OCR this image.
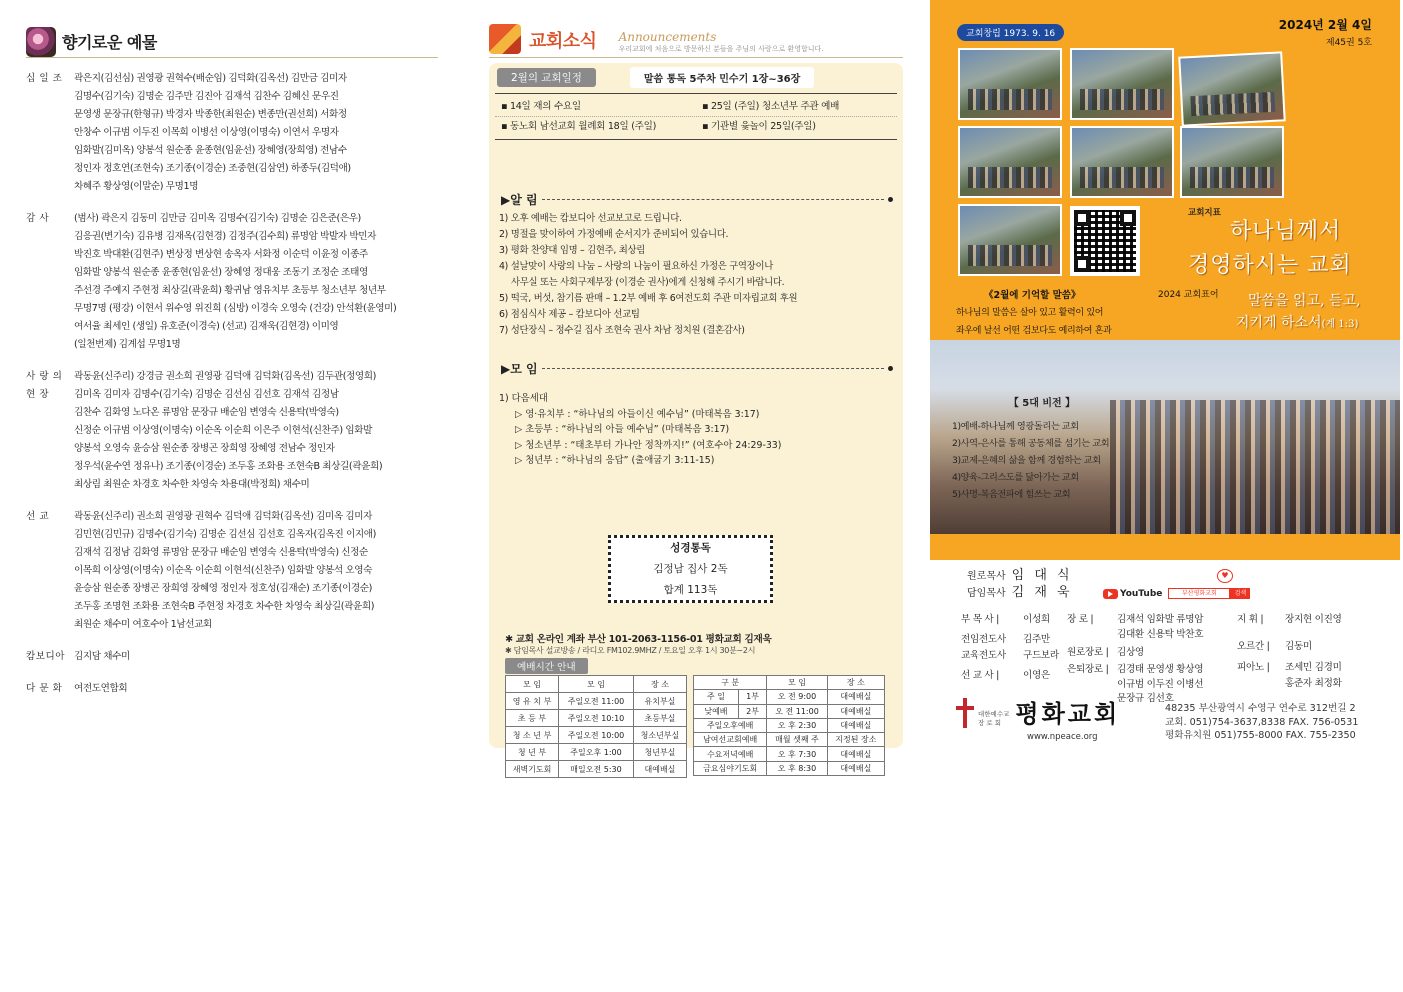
향기로운 예물
십 일 조	곽은지(김선심) 권영광 권혁수(배순임) 김덕화(김옥선) 김만금 김미자
김명수(김기숙) 김명순 김주만 김진아 김재석 김찬수 김혜신 문우진
문영생 문장규(한형규) 박경자 박종한(최원순) 변종만(권선희) 서화정
안창수 이규범 이두진 이목희 이병선 이상영(이명숙) 이연서 우명자
임화발(김미옥) 양봉석 원순종 윤종현(임윤선) 장혜영(장희영) 전남수
정인자 정호연(조현숙) 조기종(이경순) 조중현(김삼연) 하종두(김덕애)
차혜주 황상영(이말순) 무명1명
감 사	(범사) 곽은지 김동미 김만금 김미옥 김명수(김기숙) 김명순 김은준(은우)
김응권(변기숙) 김유병 김재옥(김현경) 김정주(김수희) 류명암 박발자 박민자
박진호 박대환(김현주) 변상정 변상현 송옥자 서화정 이순덕 이윤정 이종주
임화발 양봉석 원순종 윤종현(임윤선) 장혜영 정대웅 조동기 조정순 조태영
주선경 주예지 주현정 최상길(곽윤희) 황귀남 영유치부 초등부 청소년부 청년부
무명7명 (평강) 이현서 위수영 위진희 (심방) 이경숙 오영숙 (건강) 안석환(윤영미)
여서율 최세인 (생일) 유호준(이경숙) (선교) 김재욱(김현경) 이미영
(일천번제) 김계섭 무명1명
사 랑 의
현 장
곽동윤(신주리) 강경금 권소희 권영광 김덕애 김덕화(김옥선) 김두관(정영희)
김미옥 김미자 김명수(김기숙) 김명순 김선심 김선호 김재석 김정남
김찬수 김화영 노다온 류명암 문장규 배순임 변영숙 신용탁(박영숙)
신정순 이규범 이상영(이명숙) 이순옥 이순희 이은주 이현석(신찬주) 임화발
양봉석 오영숙 윤승삼 원순종 장병곤 장희영 장혜영 전남수 정인자
정우석(윤수연 정유나) 조기종(이경순) 조두홍 조화용 조현숙B 최상길(곽윤희)
최상림 최원순 차경호 차수한 차영숙 차용대(박정희) 채수미
선 교	곽동윤(신주리) 권소희 권영광 권혁수 김덕애 김덕화(김옥선) 김미옥 김미자
김민현(김민규) 김명수(김기숙) 김명순 김선심 김선호 김옥자(김옥진 이지애)
김재석 김정남 김화영 류명암 문장규 배순임 변영숙 신용탁(박영숙) 신정순
이목희 이상영(이명숙) 이순옥 이순희 이현석(신찬주) 임화발 양봉석 오영숙
윤승삼 원순종 장병곤 장희영 장혜영 정인자 정호성(김재순) 조기종(이경순)
조두홍 조명현 조화용 조현숙B 주현정 차경호 차수한 차영숙 최상길(곽윤희)
최원순 채수미 여호수아 1남선교회
캄보디아 김지담 채수미
다 문 화	여전도연합회
교회소식 Announcements
우리교회에 처음으로 방문하신 분들을 주님의 사랑으로 환영합니다.
2월의 교회일정	말씀 통독 5주차 민수기 1장~36장
▪ 14일 재의 수요일	▪ 25일 (주일) 청소년부 주관 예배
▪ 동노회 남선교회 월례회 18일 (주일)	▪ 기관별 윷놀이 25일(주일)
▶알 림
1) 오후 예배는 캄보디아 선교보고로 드립니다.
2) 명절을 맞이하여 가정예배 순서지가 준비되어 있습니다.
3) 평화 찬양대 임명 – 김현주, 최상림
4) 설날맞이 사랑의 나눔 – 사랑의 나눔이 필요하신 가정은 구역장이나
사무실 또는 사회구제부장 (이경순 권사)에게 신청해 주시기 바랍니다.
5) 떡국, 버섯, 참기름 판매 – 1.2부 예배 후 6여전도회 주관 미자립교회 후원
6) 점심식사 제공 – 캄보디아 선교팀
7) 성단장식 – 정수길 집사 조현숙 권사 차남 정치원 (결혼감사)
▶모 임
1) 다음세대
▷ 영·유치부 : “하나님의 아들이신 예수님” (마태복음 3:17)
▷ 초등부 : “하나님의 아들 예수님” (마태복음 3:17)
▷ 청소년부 : “태초부터 가나안 정착까지!” (여호수아 24:29-33)
▷ 청년부 : “하나님의 응답” (출애굽기 3:11-15)
성경통독
김정남 집사 2독
합계 113독
✱ 교회 온라인 계좌 부산 101-2063-1156-01 평화교회 김재욱
✱ 담임목사 설교방송 / 라디오 FM102.9MHZ / 토요일 오후 1시 30분~2시
예배시간 안내
모 임	모 임	장 소
영 유 치 부	주일오전 11:00	유치부실
초 등 부	주일오전 10:10	초등부실
청 소 년 부	주일오전 10:00	청소년부실
청 년 부	주일오후 1:00	청년부실
새벽기도회	매일오전 5:30	대예배실
구 분		모 임	장 소
주 일	1부	오 전 9:00	대예배실
낮예배	2부	오 전 11:00	대예배실
주일오후예배		오 후 2:30	대예배실
남여선교회예배		매월 셋째 주	지정된 장소
수요저녁예배		오 후 7:30	대예배실
금요심야기도회		오 후 8:30	대예배실
교회창립 1973. 9. 16
2024년 2월 4일
제45권 5호
교회지표
하나님께서
경영하시는 교회
《2월에 기억할 말씀》	2024 교회표어
하나님의 말씀은 살아 있고 활력이 있어
좌우에 날선 어떤 검보다도 예리하여 혼과
말씀을 읽고, 듣고,
지키게 하소서(계 1:3)
【 5대 비전 】
1)예배-하나님께 영광돌리는 교회
2)사역-은사를 통해 공동체를 섬기는 교회
3)교제-은혜의 삶을 함께 경험하는 교회
4)양육-그리스도를 닮아가는 교회
5)사명-복음전파에 힘쓰는 교회
원로목사 임 대 식
담임목사 김 재 욱
♥
YouTube	부산평화교회	검색
부 목 사 | 이성희
전임전도사 김주만
교육전도사 구드보라
선 교 사 | 이영은
장 로 | 김재석 임화발 류명암
김대환 신용탁 박찬호
원로장로 | 김상영
은퇴장로 | 김경태 문영생 황상영
이규범 이두진 이병선
문장규 김선호
지 휘 | 장지현 이진영
오르간 | 김동미
피아노 | 조세민 김경미
홍준자 최정화
대한예수교
장 로 회 평화교회
www.npeace.org
48235 부산광역시 수영구 연수로 312번길 2
교회. 051)754-3637,8338 FAX. 756-0531
평화유치원 051)755-8000 FAX. 755-2350
